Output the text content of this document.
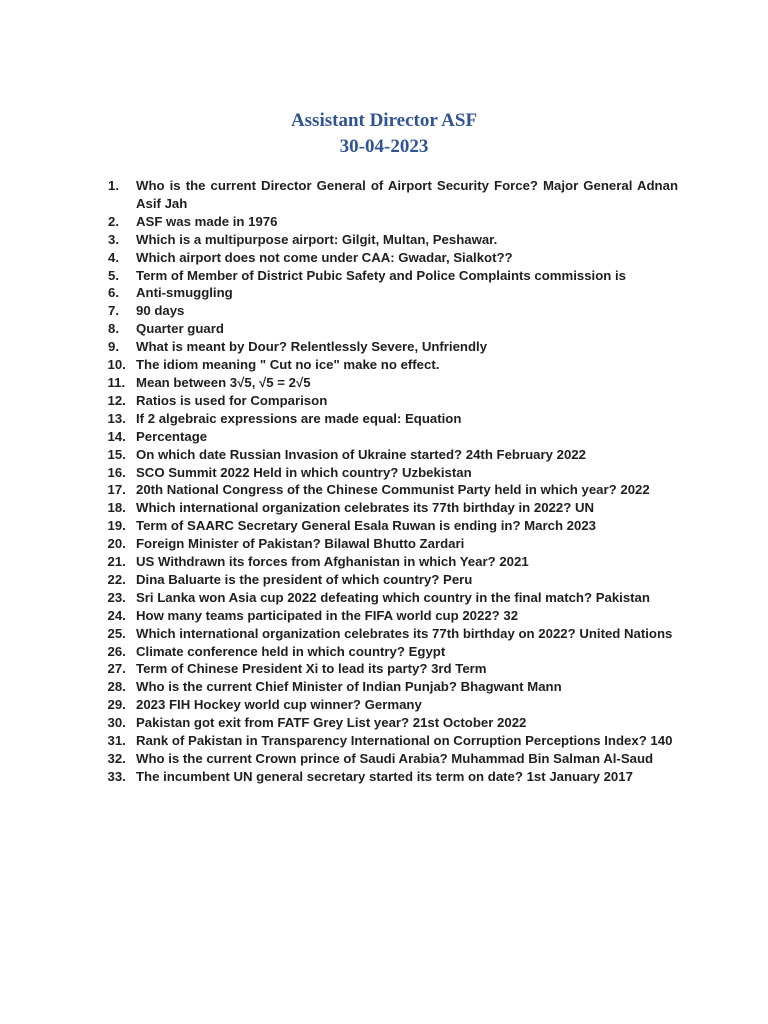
Assistant Director ASF
30-04-2023
1. Who is the current Director General of Airport Security Force? Major General Adnan Asif Jah
2. ASF was made in 1976
3. Which is a multipurpose airport: Gilgit, Multan, Peshawar.
4. Which airport does not come under CAA: Gwadar, Sialkot??
5. Term of Member of District Pubic Safety and Police Complaints commission is
6. Anti-smuggling
7. 90 days
8. Quarter guard
9. What is meant by Dour? Relentlessly Severe, Unfriendly
10. The idiom meaning " Cut no ice" make no effect.
11. Mean between 3√5, √5 = 2√5
12. Ratios is used for Comparison
13. If 2 algebraic expressions are made equal: Equation
14. Percentage
15. On which date Russian Invasion of Ukraine started? 24th February 2022
16. SCO Summit 2022 Held in which country? Uzbekistan
17. 20th National Congress of the Chinese Communist Party held in which year? 2022
18. Which international organization celebrates its 77th birthday in 2022? UN
19. Term of SAARC Secretary General Esala Ruwan is ending in? March 2023
20. Foreign Minister of Pakistan? Bilawal Bhutto Zardari
21. US Withdrawn its forces from Afghanistan in which Year? 2021
22. Dina Baluarte is the president of which country? Peru
23. Sri Lanka won Asia cup 2022 defeating which country in the final match? Pakistan
24. How many teams participated in the FIFA world cup 2022? 32
25. Which international organization celebrates its 77th birthday on 2022? United Nations
26. Climate conference held in which country? Egypt
27. Term of Chinese President Xi to lead its party? 3rd Term
28. Who is the current Chief Minister of Indian Punjab? Bhagwant Mann
29. 2023 FIH Hockey world cup winner? Germany
30. Pakistan got exit from FATF Grey List year? 21st October 2022
31. Rank of Pakistan in Transparency International on Corruption Perceptions Index? 140
32. Who is the current Crown prince of Saudi Arabia? Muhammad Bin Salman Al-Saud
33. The incumbent UN general secretary started its term on date? 1st January 2017
